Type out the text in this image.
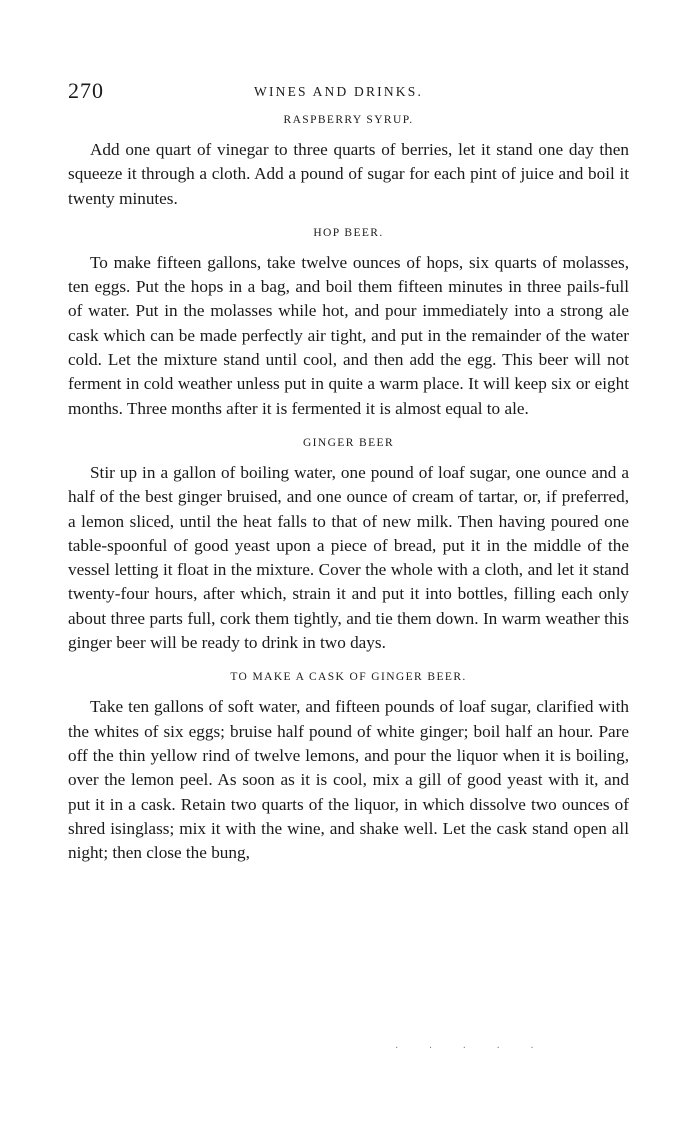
270	WINES AND DRINKS.

RASPBERRY SYRUP.

Add one quart of vinegar to three quarts of berries, let it stand one day then squeeze it through a cloth. Add a pound of sugar for each pint of juice and boil it twenty minutes.

HOP BEER.

To make fifteen gallons, take twelve ounces of hops, six quarts of molasses, ten eggs. Put the hops in a bag, and boil them fifteen minutes in three pails-full of water. Put in the molasses while hot, and pour immediately into a strong ale cask which can be made perfectly air tight, and put in the remainder of the water cold. Let the mixture stand until cool, and then add the egg. This beer will not ferment in cold weather unless put in quite a warm place. It will keep six or eight months. Three months after it is fermented it is almost equal to ale.

GINGER BEER

Stir up in a gallon of boiling water, one pound of loaf sugar, one ounce and a half of the best ginger bruised, and one ounce of cream of tartar, or, if preferred, a lemon sliced, until the heat falls to that of new milk. Then having poured one table-spoonful of good yeast upon a piece of bread, put it in the middle of the vessel letting it float in the mixture. Cover the whole with a cloth, and let it stand twenty-four hours, after which, strain it and put it into bottles, filling each only about three parts full, cork them tightly, and tie them down. In warm weather this ginger beer will be ready to drink in two days.

TO MAKE A CASK OF GINGER BEER.

Take ten gallons of soft water, and fifteen pounds of loaf sugar, clarified with the whites of six eggs; bruise half pound of white ginger; boil half an hour. Pare off the thin yellow rind of twelve lemons, and pour the liquor when it is boiling, over the lemon peel. As soon as it is cool, mix a gill of good yeast with it, and put it in a cask. Retain two quarts of the liquor, in which dissolve two ounces of shred isinglass; mix it with the wine, and shake well. Let the cask stand open all night; then close the bung,

· · · · ·
